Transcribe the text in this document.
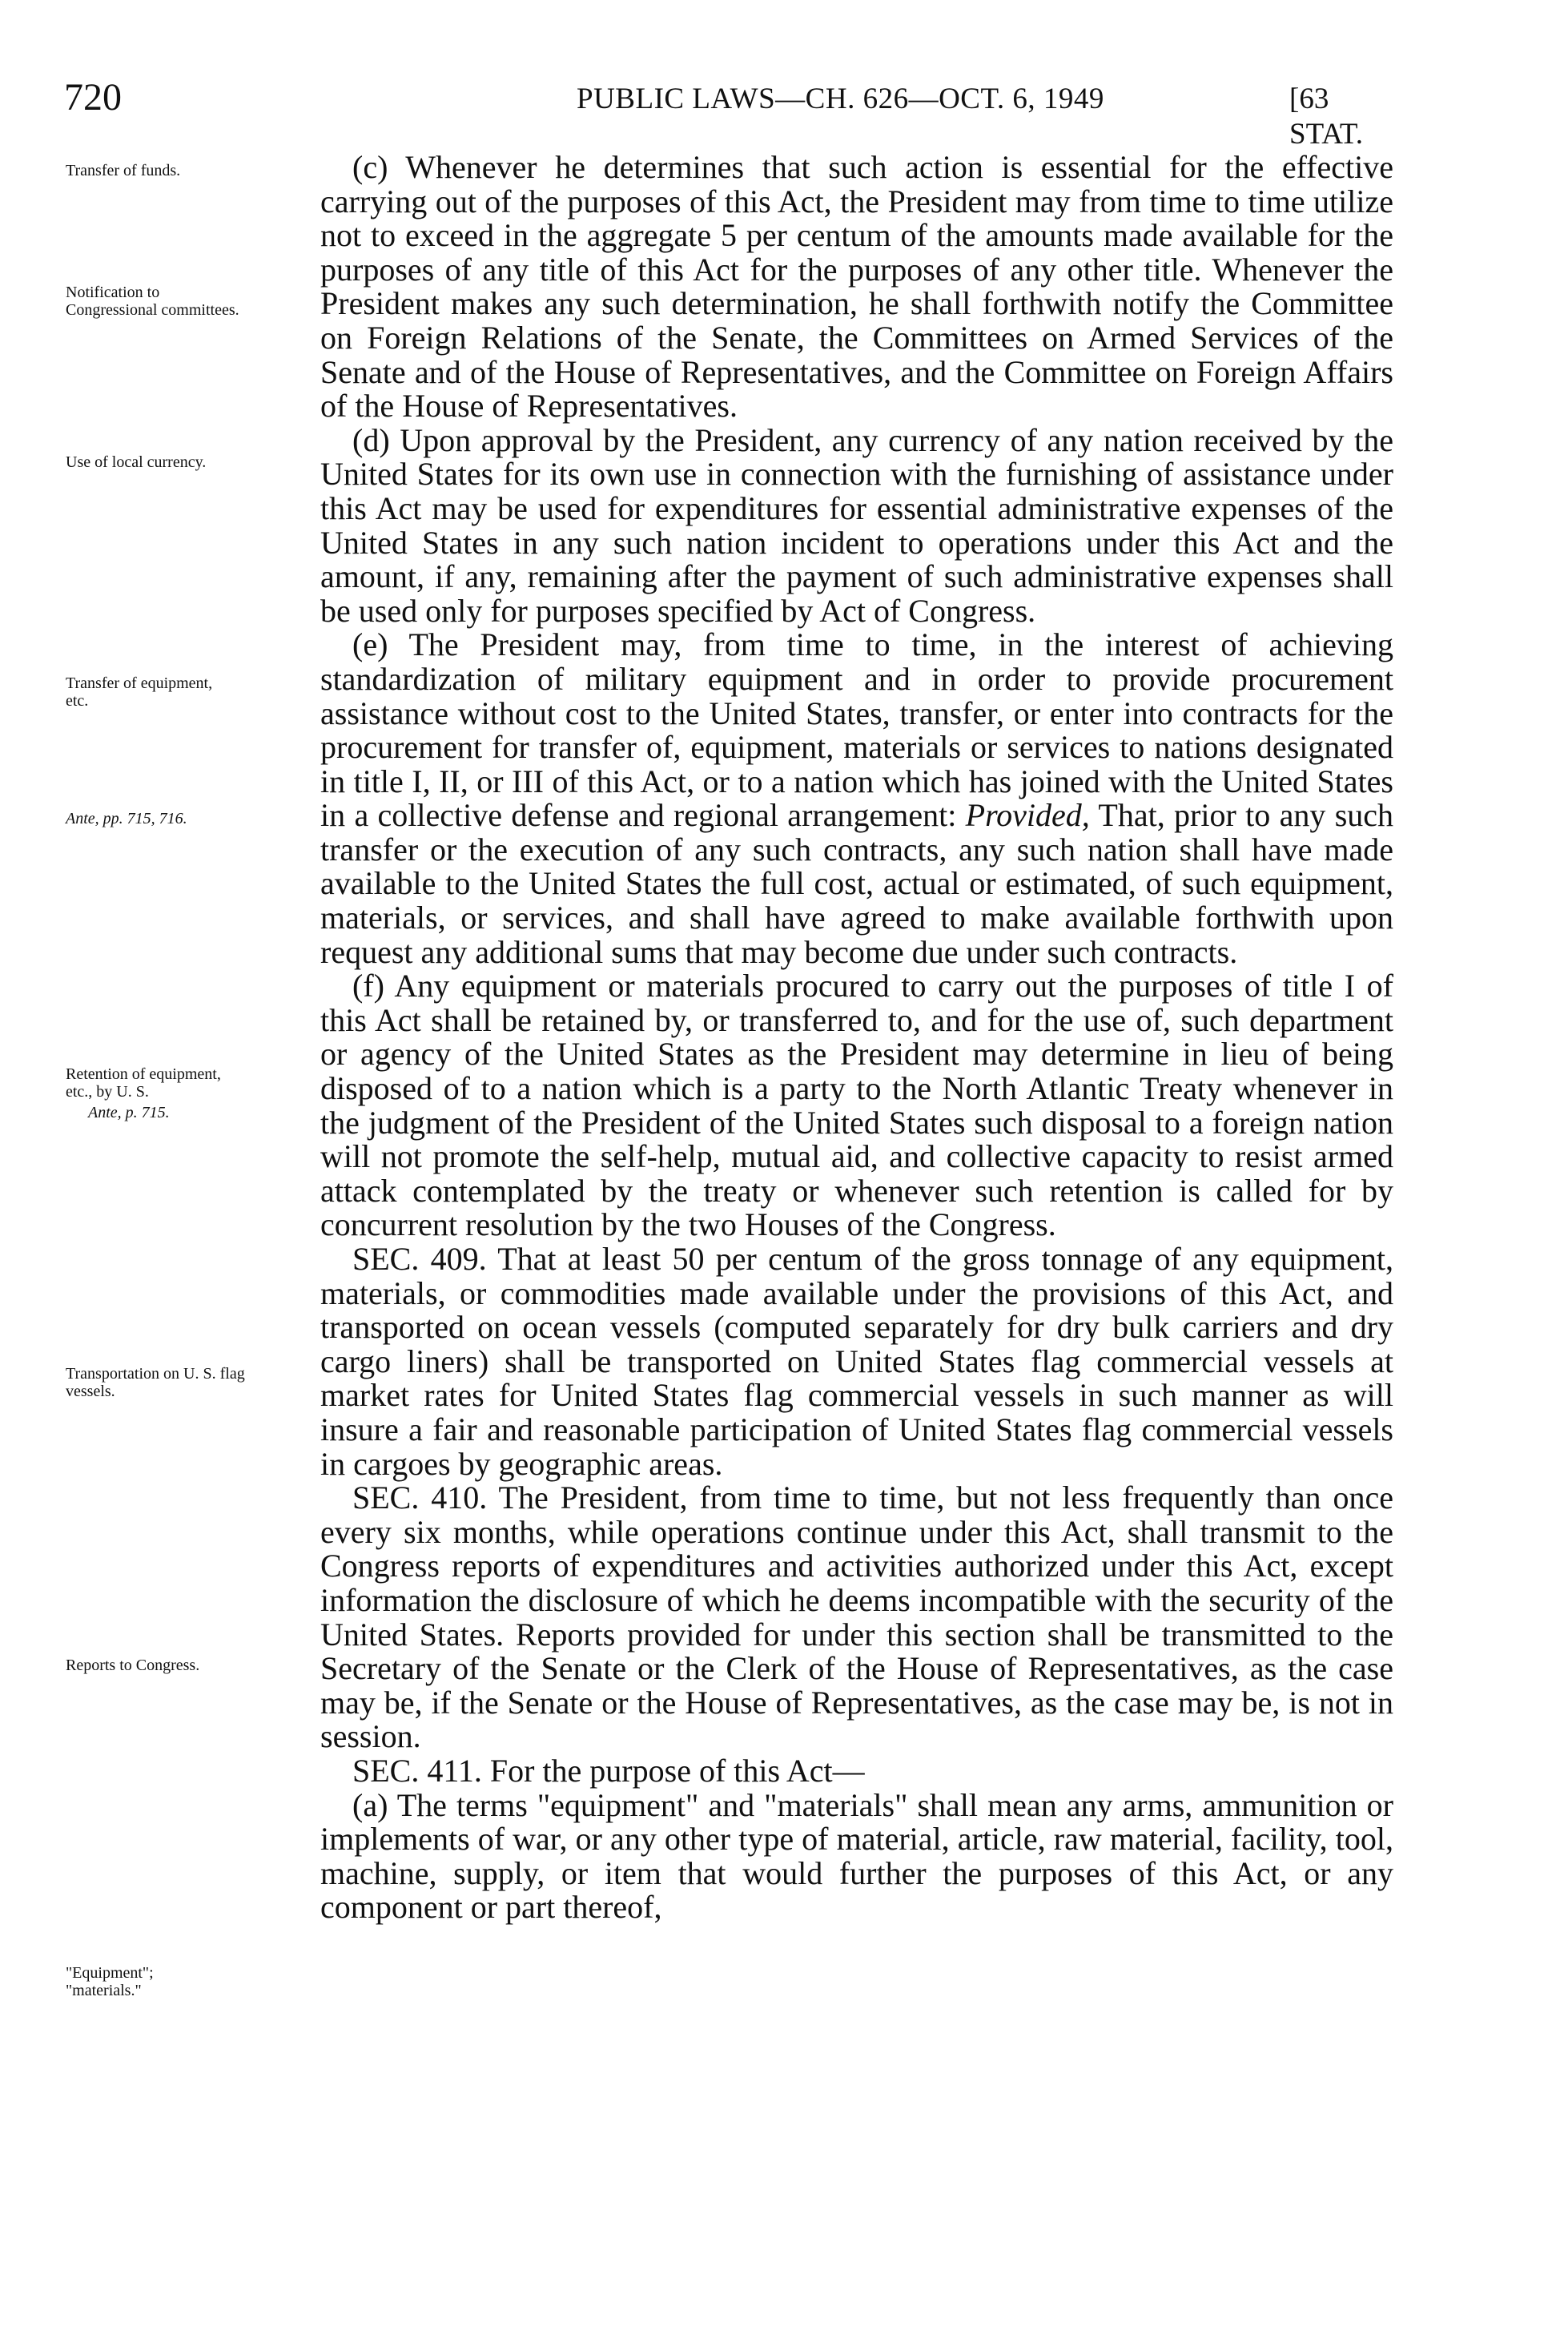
720	PUBLIC LAWS—CH. 626—OCT. 6, 1949	[63 STAT.

Transfer of funds.

Notification to Congressional committees.

Use of local currency.

Transfer of equipment, etc.

Ante, pp. 715, 716.

Retention of equipment, etc., by U. S.

Ante, p. 715.

Transportation on U. S. flag vessels.

Reports to Congress.

"Equipment"; "materials."

(c) Whenever he determines that such action is essential for the effective carrying out of the purposes of this Act, the President may from time to time utilize not to exceed in the aggregate 5 per centum of the amounts made available for the purposes of any title of this Act for the purposes of any other title. Whenever the President makes any such determination, he shall forthwith notify the Committee on Foreign Relations of the Senate, the Committees on Armed Services of the Senate and of the House of Representatives, and the Committee on Foreign Affairs of the House of Representatives.

(d) Upon approval by the President, any currency of any nation received by the United States for its own use in connection with the furnishing of assistance under this Act may be used for expenditures for essential administrative expenses of the United States in any such nation incident to operations under this Act and the amount, if any, remaining after the payment of such administrative expenses shall be used only for purposes specified by Act of Congress.

(e) The President may, from time to time, in the interest of achieving standardization of military equipment and in order to provide procurement assistance without cost to the United States, transfer, or enter into contracts for the procurement for transfer of, equipment, materials or services to nations designated in title I, II, or III of this Act, or to a nation which has joined with the United States in a collective defense and regional arrangement: Provided, That, prior to any such transfer or the execution of any such contracts, any such nation shall have made available to the United States the full cost, actual or estimated, of such equipment, materials, or services, and shall have agreed to make available forthwith upon request any additional sums that may become due under such contracts.

(f) Any equipment or materials procured to carry out the purposes of title I of this Act shall be retained by, or transferred to, and for the use of, such department or agency of the United States as the President may determine in lieu of being disposed of to a nation which is a party to the North Atlantic Treaty whenever in the judgment of the President of the United States such disposal to a foreign nation will not promote the self-help, mutual aid, and collective capacity to resist armed attack contemplated by the treaty or whenever such retention is called for by concurrent resolution by the two Houses of the Congress.

SEC. 409. That at least 50 per centum of the gross tonnage of any equipment, materials, or commodities made available under the provisions of this Act, and transported on ocean vessels (computed separately for dry bulk carriers and dry cargo liners) shall be transported on United States flag commercial vessels at market rates for United States flag commercial vessels in such manner as will insure a fair and reasonable participation of United States flag commercial vessels in cargoes by geographic areas.

SEC. 410. The President, from time to time, but not less frequently than once every six months, while operations continue under this Act, shall transmit to the Congress reports of expenditures and activities authorized under this Act, except information the disclosure of which he deems incompatible with the security of the United States. Reports provided for under this section shall be transmitted to the Secretary of the Senate or the Clerk of the House of Representatives, as the case may be, if the Senate or the House of Representatives, as the case may be, is not in session.

SEC. 411. For the purpose of this Act—

(a) The terms "equipment" and "materials" shall mean any arms, ammunition or implements of war, or any other type of material, article, raw material, facility, tool, machine, supply, or item that would further the purposes of this Act, or any component or part thereof,
